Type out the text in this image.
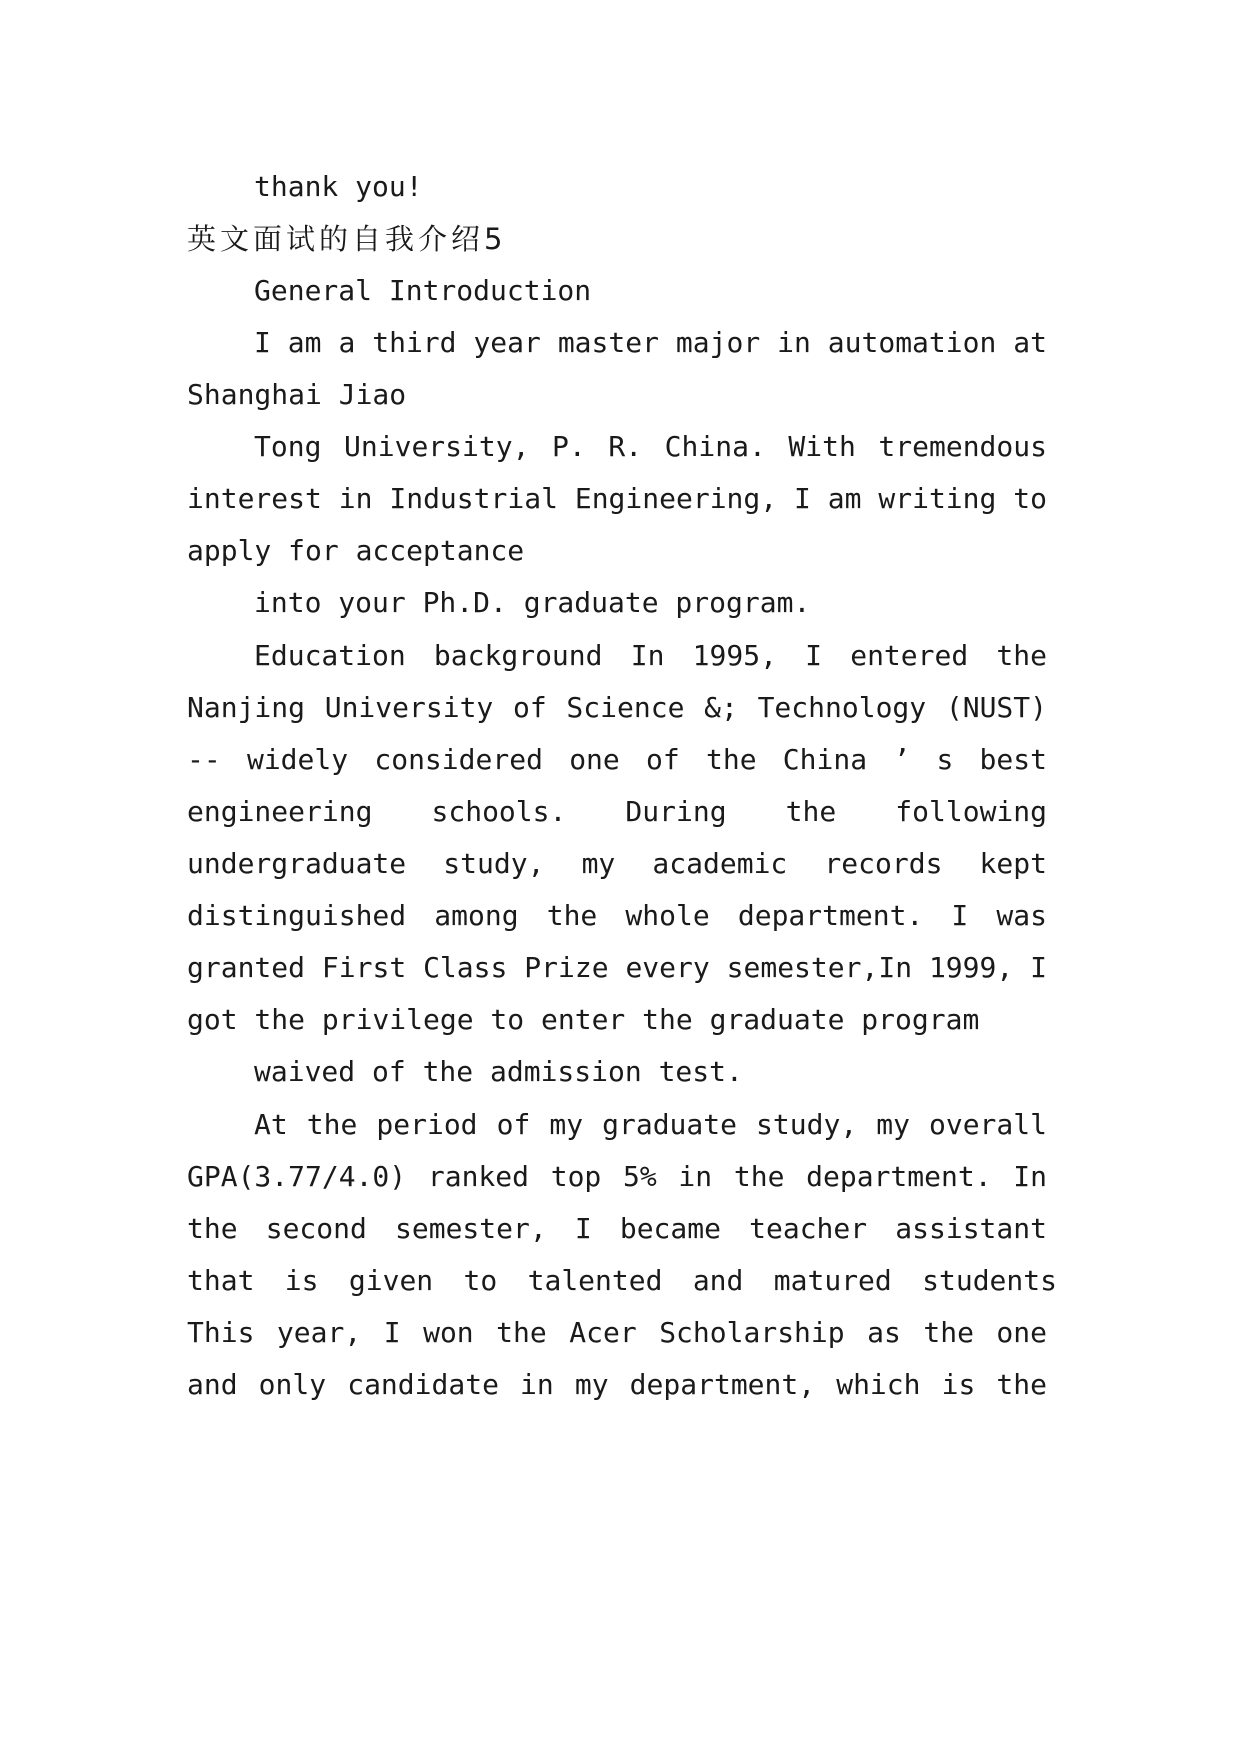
thank you!
英文面试的自我介绍5
General Introduction
I am a third year master major in automation at
Shanghai Jiao
Tong University, P. R. China. With tremendous
interest in Industrial Engineering, I am writing to
apply for acceptance
into your Ph.D. graduate program.
Education background In 1995, I entered the
Nanjing University of Science &; Technology (NUST)
-- widely considered one of the China ’ s best
engineering schools. During the following
undergraduate study, my academic records kept
distinguished among the whole department. I was
granted First Class Prize every semester,In 1999, I
got the privilege to enter the graduate program
waived of the admission test.
At the period of my graduate study, my overall
GPA(3.77/4.0) ranked top 5% in the department. In
the second semester, I became teacher assistant
that is given to talented and matured students
This year, I won the Acer Scholarship as the one
and only candidate in my department, which is the
